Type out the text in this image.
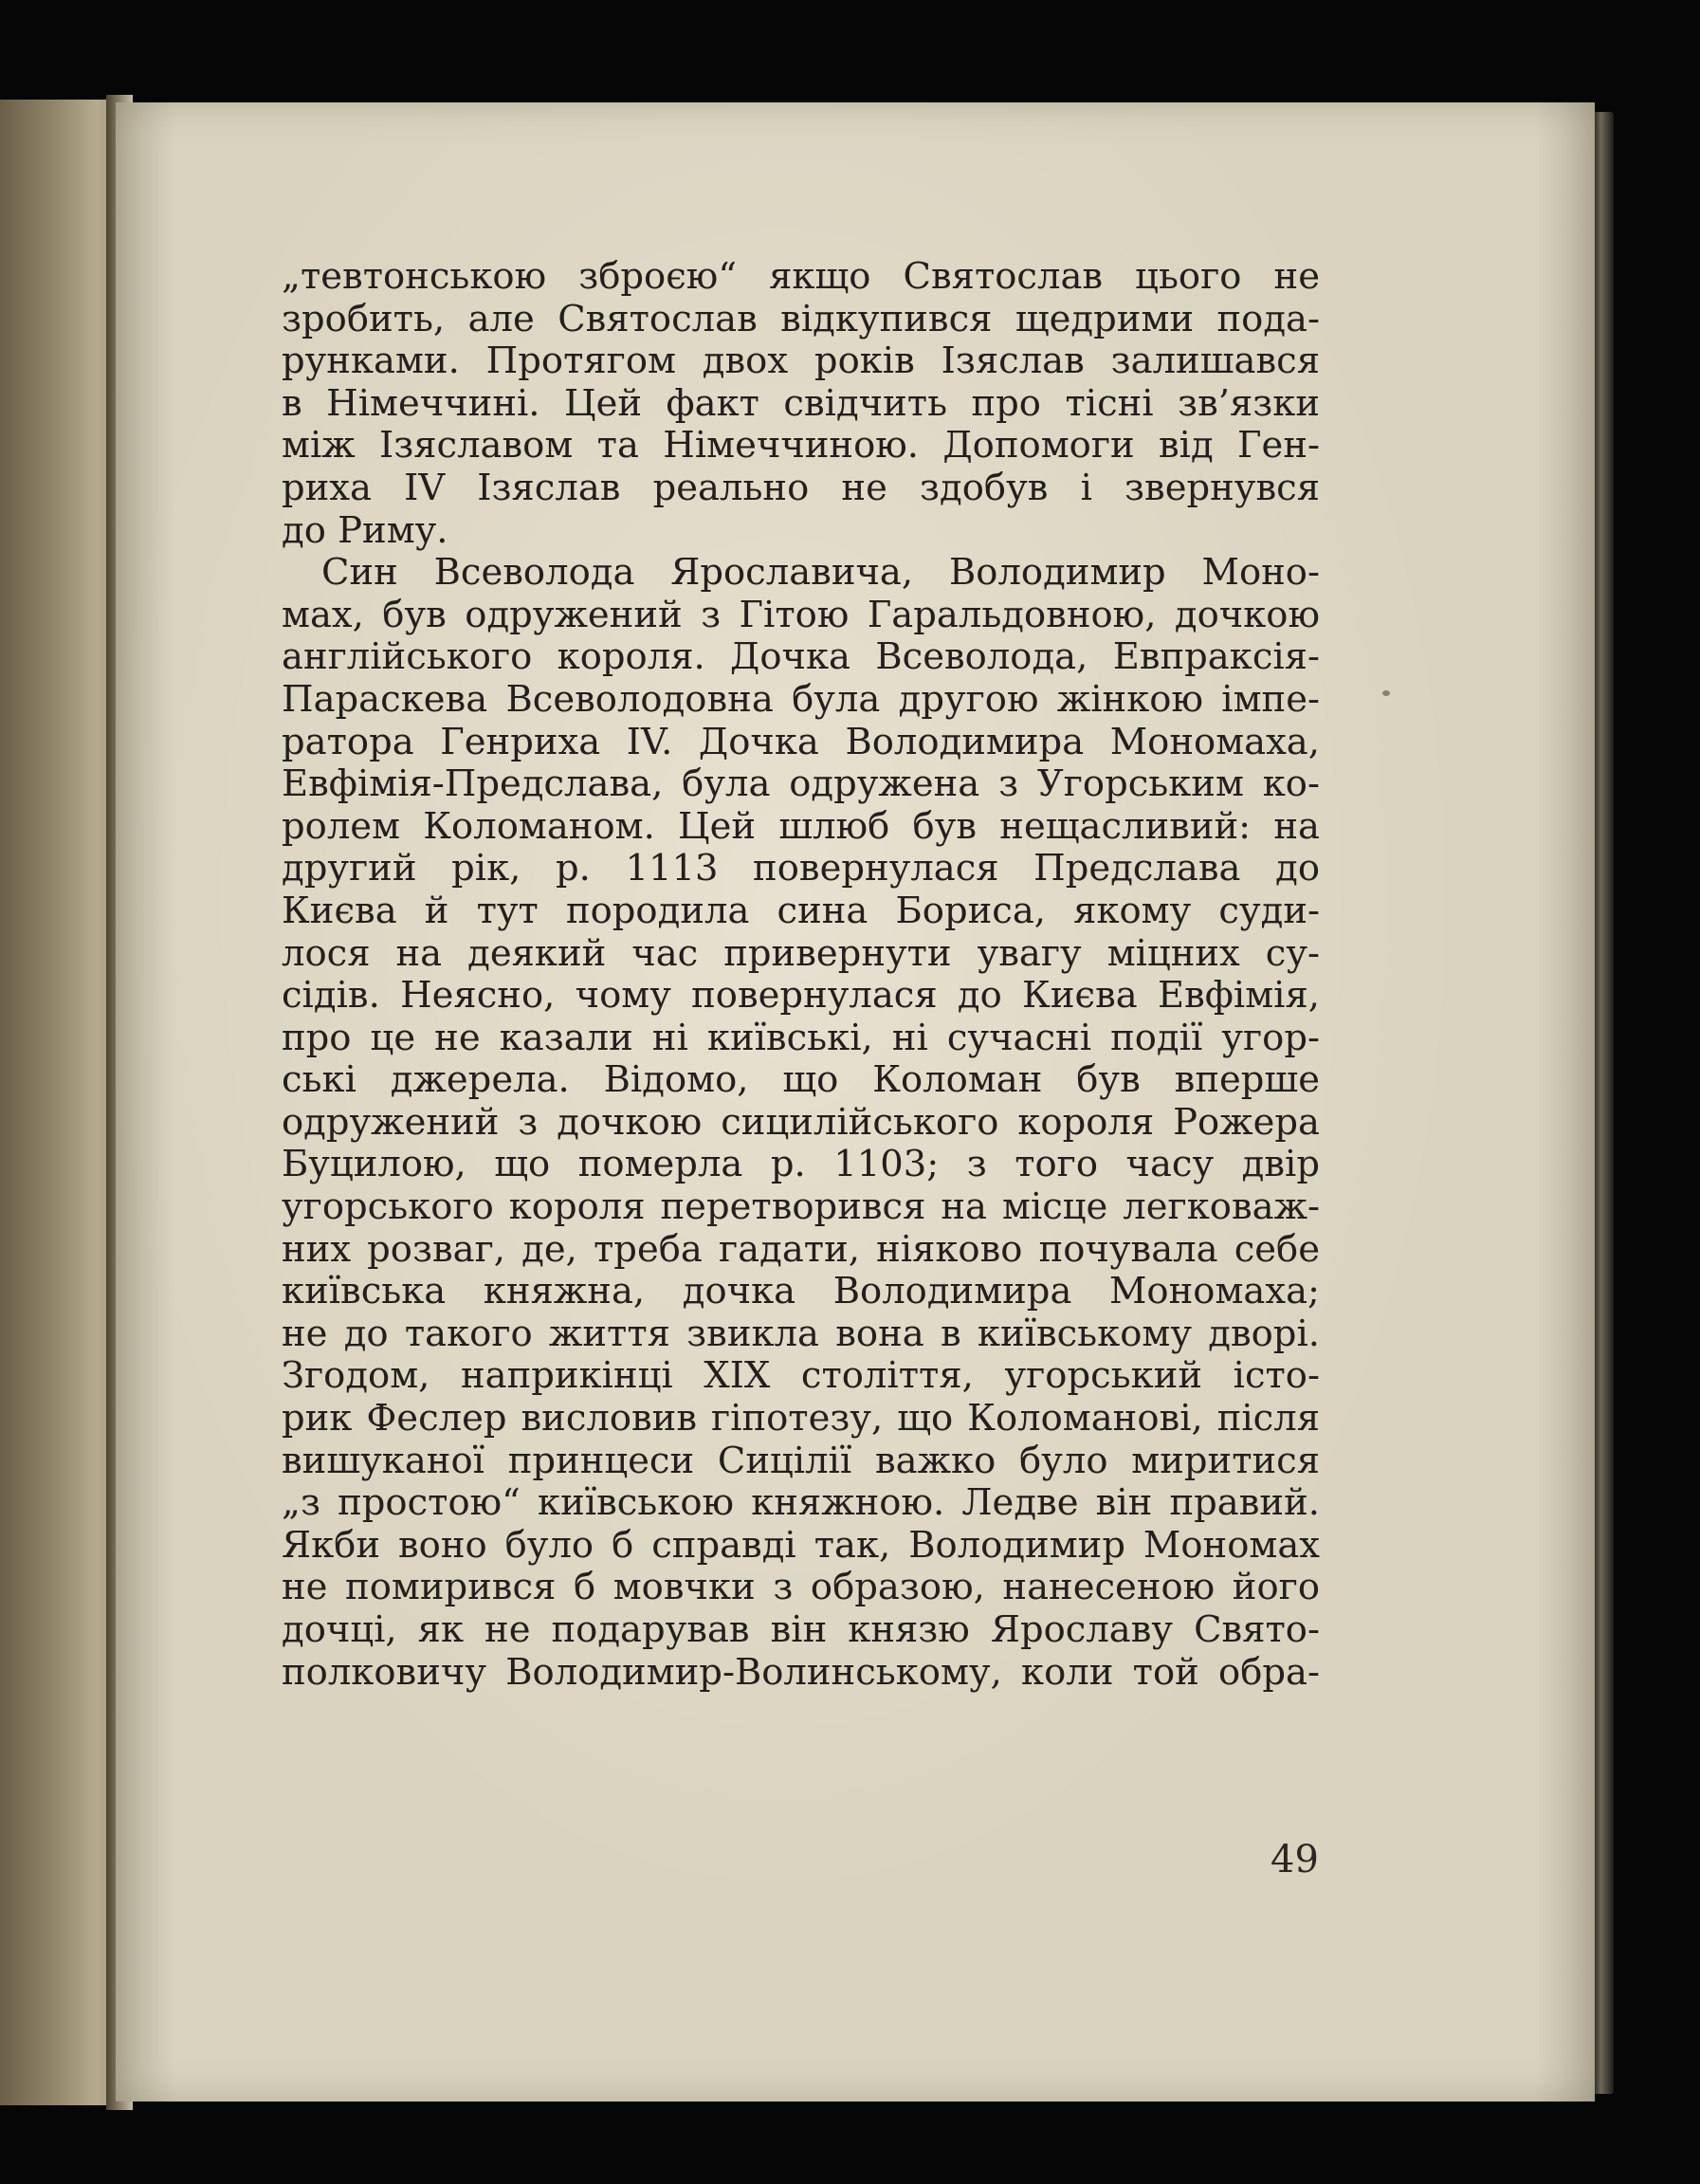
„тевтонською зброєю“ якщо Святослав цього не
зробить, але Святослав відкупився щедрими пода-
рунками. Протягом двох років Ізяслав залишався
в Німеччині. Цей факт свідчить про тісні зв’язки
між Ізяславом та Німеччиною. Допомоги від Ген-
риха IV Ізяслав реально не здобув і звернувся
до Риму.
Син Всеволода Ярославича, Володимир Моно-
мах, був одружений з Гітою Гаральдовною, дочкою
англійського короля. Дочка Всеволода, Евпраксія-
Параскева Всеволодовна була другою жінкою імпе-
ратора Генриха IV. Дочка Володимира Мономаха,
Евфімія-Предслава, була одружена з Угорським ко-
ролем Коломаном. Цей шлюб був нещасливий: на
другий рік, р. 1113 повернулася Предслава до
Києва й тут породила сина Бориса, якому суди-
лося на деякий час привернути увагу міцних су-
сідів. Неясно, чому повернулася до Києва Евфімія,
про це не казали ні київські, ні сучасні події угор-
ські джерела. Відомо, що Коломан був вперше
одружений з дочкою сицилійського короля Рожера
Буцилою, що померла р. 1103; з того часу двір
угорського короля перетворився на місце легковаж-
них розваг, де, треба гадати, ніяково почувала себе
київська княжна, дочка Володимира Мономаха;
не до такого життя звикла вона в київському дворі.
Згодом, наприкінці XIX століття, угорський істо-
рик Феслер висловив гіпотезу, що Коломанові, після
вишуканої принцеси Сицілії важко було миритися
„з простою“ київською княжною. Ледве він правий.
Якби воно було б справді так, Володимир Мономах
не помирився б мовчки з образою, нанесеною його
дочці, як не подарував він князю Ярославу Свято-
полковичу Володимир-Волинському, коли той обра-
49
